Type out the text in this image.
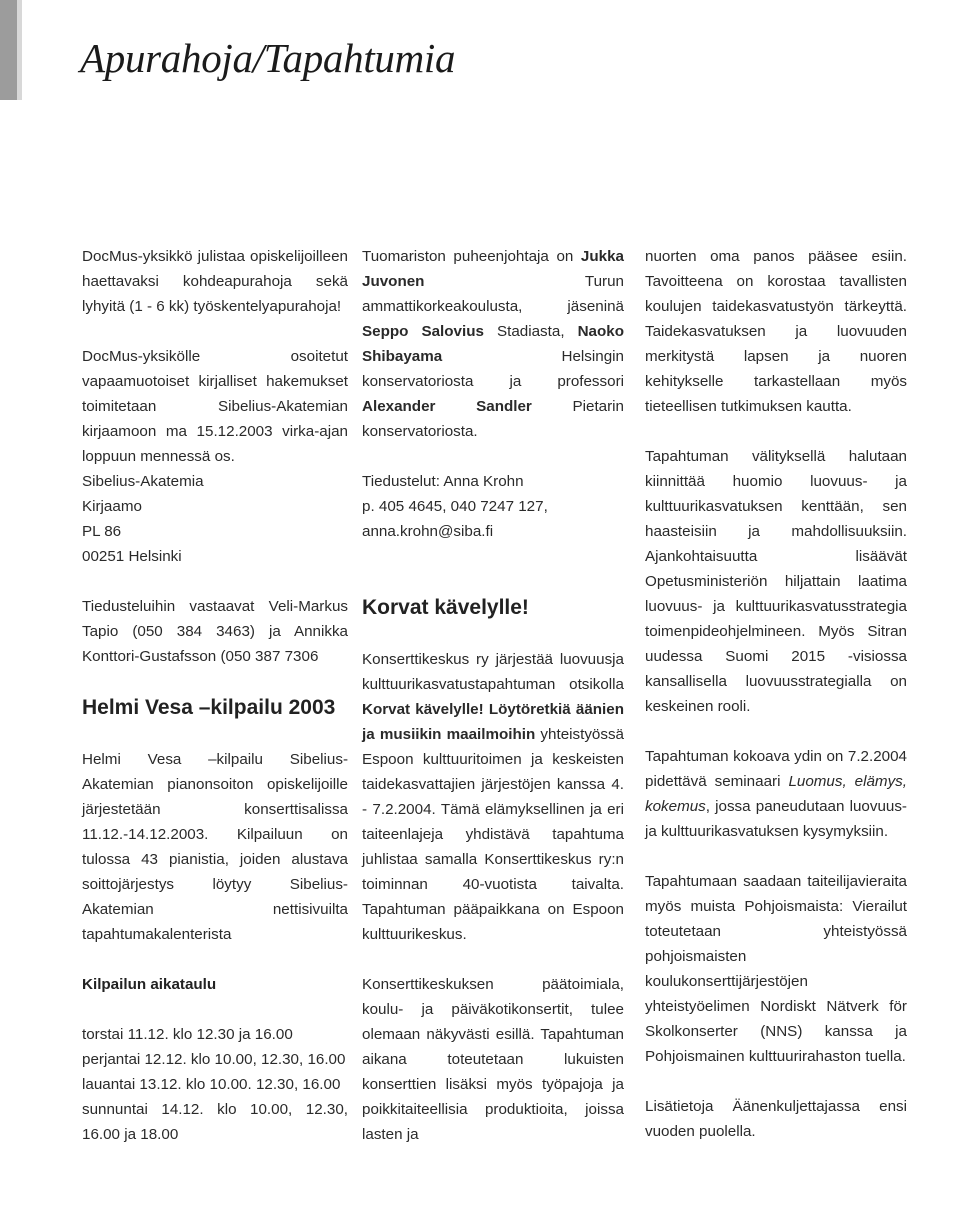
Apurahoja/Tapahtumia

DocMus-yksikkö julistaa opiskelijoilleen haettavaksi kohdeapurahoja sekä lyhyitä (1 - 6 kk) työskentelyapurahoja!

DocMus-yksikölle osoitetut vapaamuotoiset kirjalliset hakemukset toimitetaan Sibelius-Akatemian kirjaamoon ma 15.12.2003 virka-ajan loppuun mennessä os.

Sibelius-Akatemia
Kirjaamo
PL 86
00251 Helsinki

Tiedusteluihin vastaavat Veli-Markus Tapio (050 384 3463) ja Annikka Konttori-Gustafsson (050 387 7306

Helmi Vesa –kilpailu 2003

Helmi Vesa –kilpailu Sibelius-Akatemian pianonsoiton opiskelijoille järjestetään konserttisalissa 11.12.-14.12.2003. Kilpailuun on tulossa 43 pianistia, joiden alustava soittojärjestys löytyy Sibelius-Akatemian nettisivuilta tapahtumakalenterista

Kilpailun aikataulu

torstai 11.12. klo 12.30 ja 16.00

perjantai 12.12. klo 10.00, 12.30, 16.00

lauantai 13.12. klo 10.00. 12.30, 16.00

sunnuntai 14.12. klo 10.00, 12.30, 16.00 ja 18.00

Tuomariston puheenjohtaja on Jukka Juvonen Turun ammattikorkeakoulusta, jäseninä Seppo Salovius Stadiasta, Naoko Shibayama Helsingin konservatoriosta ja professori Alexander Sandler Pietarin konservatoriosta.

Tiedustelut: Anna Krohn
p. 405 4645, 040 7247 127,
anna.krohn@siba.fi
Korvat kävelylle!

Konserttikeskus ry järjestää luovuusja kulttuurikasvatustapahtuman otsikolla Korvat kävelylle! Löytöretkiä äänien ja musiikin maailmoihin yhteistyössä Espoon kulttuuritoimen ja keskeisten taidekasvattajien järjestöjen kanssa 4. - 7.2.2004. Tämä elämyksellinen ja eri taiteenlajeja yhdistävä tapahtuma juhlistaa samalla Konserttikeskus ry:n toiminnan 40-vuotista taivalta. Tapahtuman pääpaikkana on Espoon kulttuurikeskus.

Konserttikeskuksen päätoimiala, koulu- ja päiväkotikonsertit, tulee olemaan näkyvästi esillä. Tapahtuman aikana toteutetaan lukuisten konserttien lisäksi myös työpajoja ja poikkitaiteellisia produktioita, joissa lasten ja

nuorten oma panos pääsee esiin. Tavoitteena on korostaa tavallisten koulujen taidekasvatustyön tärkeyttä. Taidekasvatuksen ja luovuuden merkitystä lapsen ja nuoren kehitykselle tarkastellaan myös tieteellisen tutkimuksen kautta.

Tapahtuman välityksellä halutaan kiinnittää huomio luovuus- ja kulttuurikasvatuksen kenttään, sen haasteisiin ja mahdollisuuksiin. Ajankohtaisuutta lisäävät Opetusministeriön hiljattain laatima luovuus- ja kulttuurikasvatusstrategia toimenpideohjelmineen. Myös Sitran uudessa Suomi 2015 -visiossa kansallisella luovuusstrategialla on keskeinen rooli.

Tapahtuman kokoava ydin on 7.2.2004 pidettävä seminaari Luomus, elämys, kokemus, jossa paneudutaan luovuus- ja kulttuurikasvatuksen kysymyksiin.

Tapahtumaan saadaan taiteilijavieraita myös muista Pohjoismaista: Vierailut toteutetaan yhteistyössä pohjoismaisten koulukonserttijärjestöjen yhteistyöelimen Nordiskt Nätverk för Skolkonserter (NNS) kanssa ja Pohjoismainen kulttuurirahaston tuella.

Lisätietoja Äänenkuljettajassa ensi vuoden puolella.
